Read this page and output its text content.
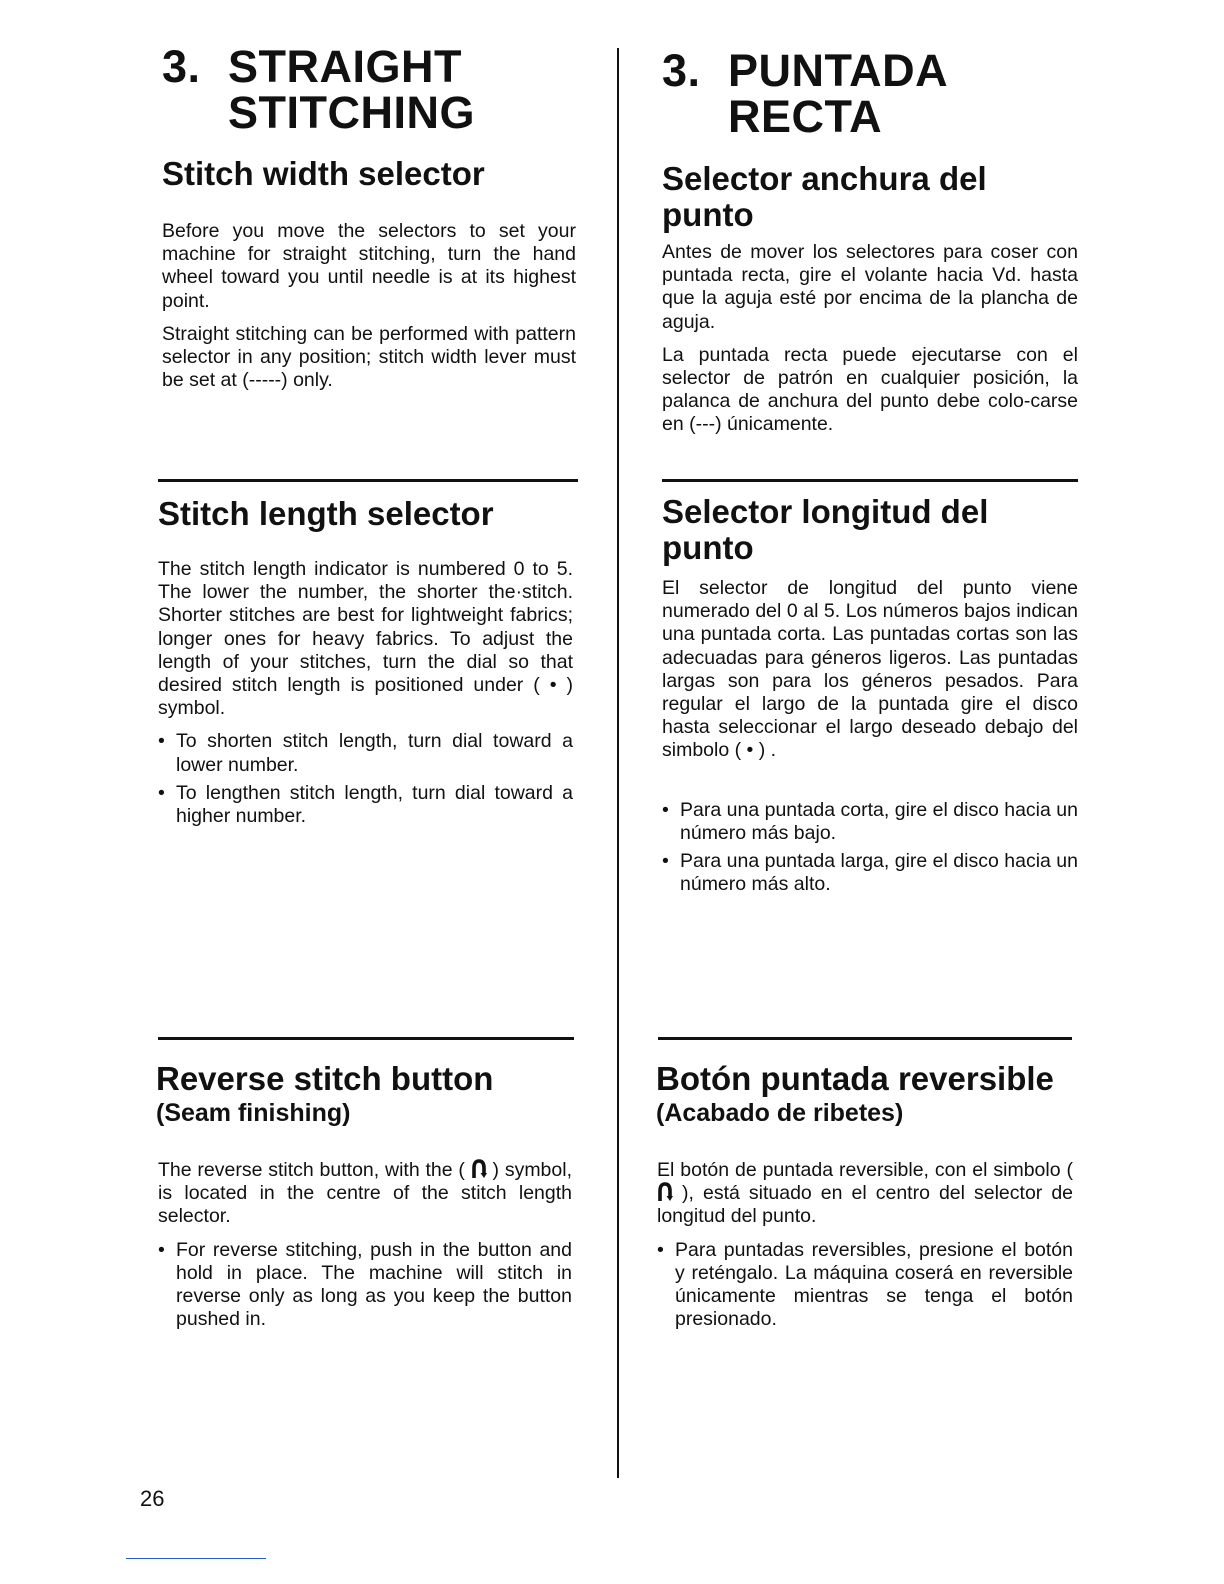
3. STRAIGHT
STITCHING
Stitch width selector

Before you move the selectors to set your machine for straight stitching, turn the hand wheel toward you until needle is at its highest point.

Straight stitching can be performed with pattern selector in any position; stitch width lever must be set at (-----) only.

Stitch length selector

The stitch length indicator is numbered 0 to 5. The lower the number, the shorter the·stitch. Shorter stitches are best for lightweight fabrics; longer ones for heavy fabrics. To adjust the length of your stitches, turn the dial so that desired stitch length is positioned under ( • ) symbol.

• To shorten stitch length, turn dial toward a lower number.
• To lengthen stitch length, turn dial toward a higher number.
Reverse stitch button
(Seam finishing)

The reverse stitch button, with the ( ) symbol, is located in the centre of the stitch length selector.

• For reverse stitching, push in the button and hold in place. The machine will stitch in reverse only as long as you keep the button pushed in.
3. PUNTADA
RECTA
Selector anchura del
punto

Antes de mover los selectores para coser con puntada recta, gire el volante hacia Vd. hasta que la aguja esté por encima de la plancha de aguja.

La puntada recta puede ejecutarse con el selector de patrón en cualquier posición, la palanca de anchura del punto debe colo-carse en (---) únicamente.

Selector longitud del
punto

El selector de longitud del punto viene numerado del 0 al 5. Los números bajos indican una puntada corta. Las puntadas cortas son las adecuadas para géneros ligeros. Las puntadas largas son para los géneros pesados. Para regular el largo de la puntada gire el disco hasta seleccionar el largo deseado debajo del simbolo ( • ) .

• Para una puntada corta, gire el disco hacia un número más bajo.
• Para una puntada larga, gire el disco hacia un número más alto.
Botón puntada reversible
(Acabado de ribetes)

El botón de puntada reversible, con el simbolo (  ), está situado en el centro del selector de longitud del punto.

• Para puntadas reversibles, presione el botón y reténgalo. La máquina coserá en reversible únicamente mientras se tenga el botón presionado.
26
